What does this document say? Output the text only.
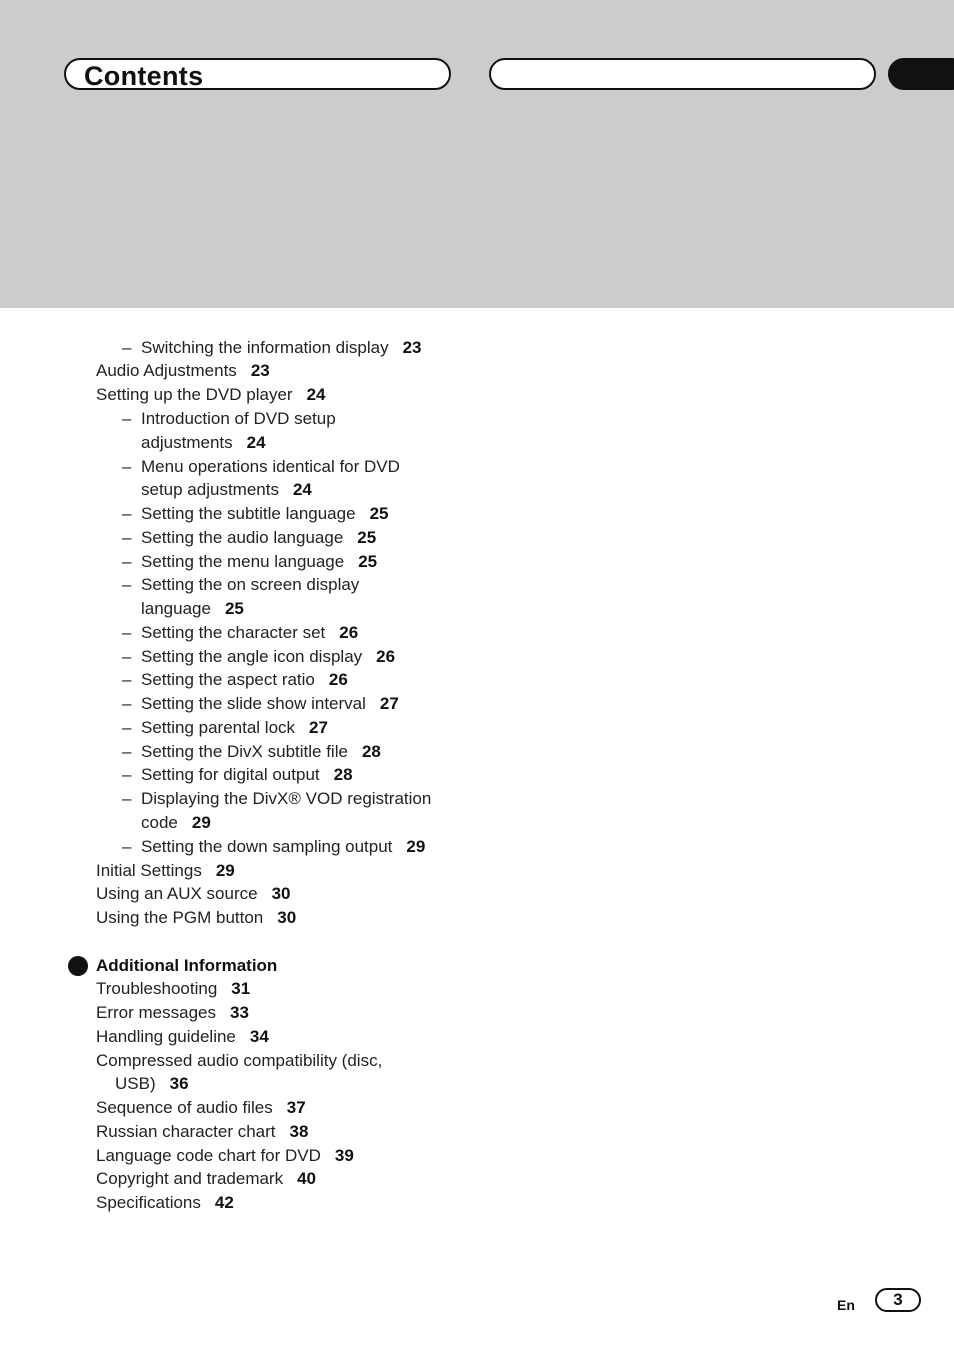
Contents
– Switching the information display 23
Audio Adjustments 23
Setting up the DVD player 24
– Introduction of DVD setup
adjustments 24
– Menu operations identical for DVD
setup adjustments 24
– Setting the subtitle language 25
– Setting the audio language 25
– Setting the menu language 25
– Setting the on screen display
language 25
– Setting the character set 26
– Setting the angle icon display 26
– Setting the aspect ratio 26
– Setting the slide show interval 27
– Setting parental lock 27
– Setting the DivX subtitle file 28
– Setting for digital output 28
– Displaying the DivX® VOD registration
code 29
– Setting the down sampling output 29
Initial Settings 29
Using an AUX source 30
Using the PGM button 30
Additional Information
Troubleshooting 31
Error messages 33
Handling guideline 34
Compressed audio compatibility (disc,
USB) 36
Sequence of audio files 37
Russian character chart 38
Language code chart for DVD 39
Copyright and trademark 40
Specifications 42
En	3
